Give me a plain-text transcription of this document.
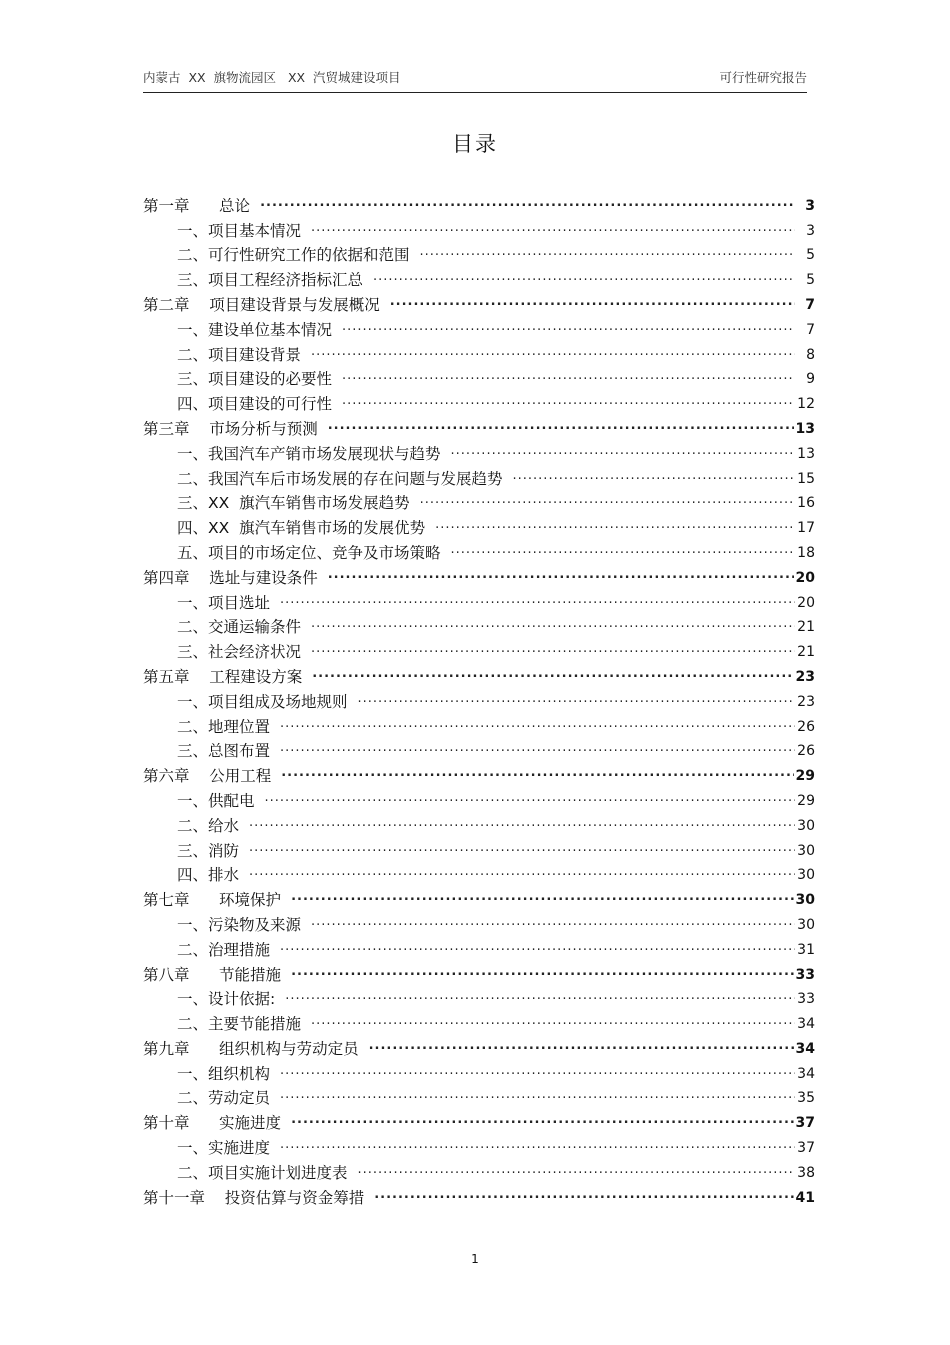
内蒙古  XX  旗物流园区   XX  汽贸城建设项目	可行性研究报告
目录
第一章      总论 .....	3
一、项目基本情况 .....	3
二、可行性研究工作的依据和范围 .....	5
三、项目工程经济指标汇总 .....	5
第二章    项目建设背景与发展概况 .....	7
一、建设单位基本情况 .....	7
二、项目建设背景 .....	8
三、项目建设的必要性 .....	9
四、项目建设的可行性 .....	12
第三章    市场分析与预测 .....	13
一、我国汽车产销市场发展现状与趋势 .....	13
二、我国汽车后市场发展的存在问题与发展趋势 .....	15
三、XX  旗汽车销售市场发展趋势 .....	16
四、XX  旗汽车销售市场的发展优势 .....	17
五、项目的市场定位、竞争及市场策略 .....	18
第四章    选址与建设条件 .....	20
一、项目选址 .....	20
二、交通运输条件 .....	21
三、社会经济状况 .....	21
第五章    工程建设方案 .....	23
一、项目组成及场地规则 .....	23
二、地理位置 .....	26
三、总图布置 .....	26
第六章    公用工程 .....	29
一、供配电 .....	29
二、给水 .....	30
三、消防 .....	30
四、排水 .....	30
第七章      环境保护 .....	30
一、污染物及来源 .....	30
二、治理措施 .....	31
第八章      节能措施 .....	33
一、设计依据: .....	33
二、主要节能措施 .....	34
第九章      组织机构与劳动定员 .....	34
一、组织机构 .....	34
二、劳动定员 .....	35
第十章      实施进度 .....	37
一、实施进度 .....	37
二、项目实施计划进度表 .....	38
第十一章    投资估算与资金筹措 .....	41
1
